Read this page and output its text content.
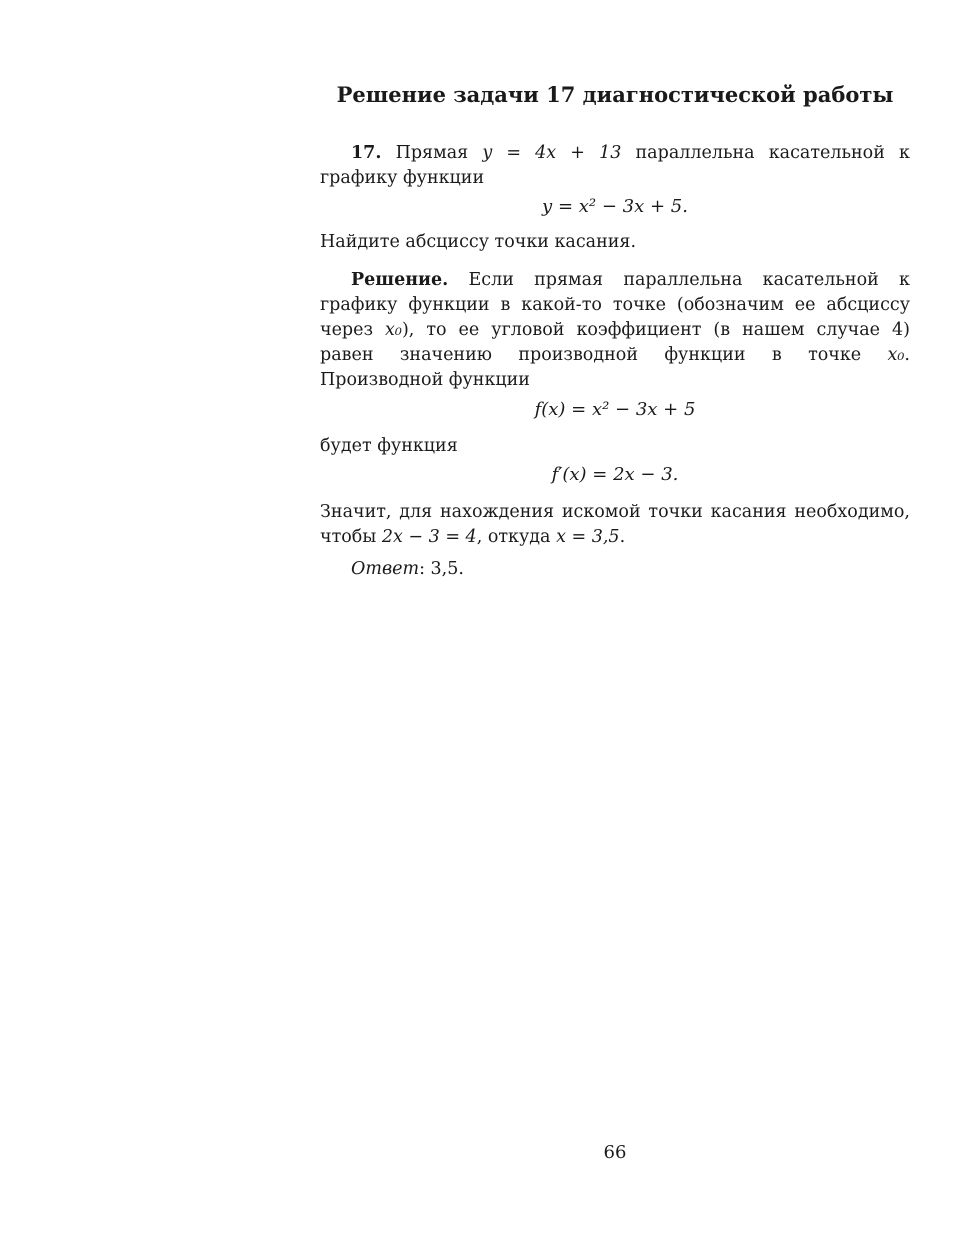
Решение задачи 17 диагностической работы

17. Прямая y = 4x + 13 параллельна касательной к графику функции

y = x² − 3x + 5.

Найдите абсциссу точки касания.

Решение. Если прямая параллельна касательной к графику функции в какой-то точке (обозначим ее абсциссу через x₀), то ее угловой коэффициент (в нашем случае 4) равен значению производной функции в точке x₀. Производной функции

f(x) = x² − 3x + 5

будет функция

f′(x) = 2x − 3.

Значит, для нахождения искомой точки касания необходимо, чтобы 2x − 3 = 4, откуда x = 3,5.

Ответ: 3,5.

66
